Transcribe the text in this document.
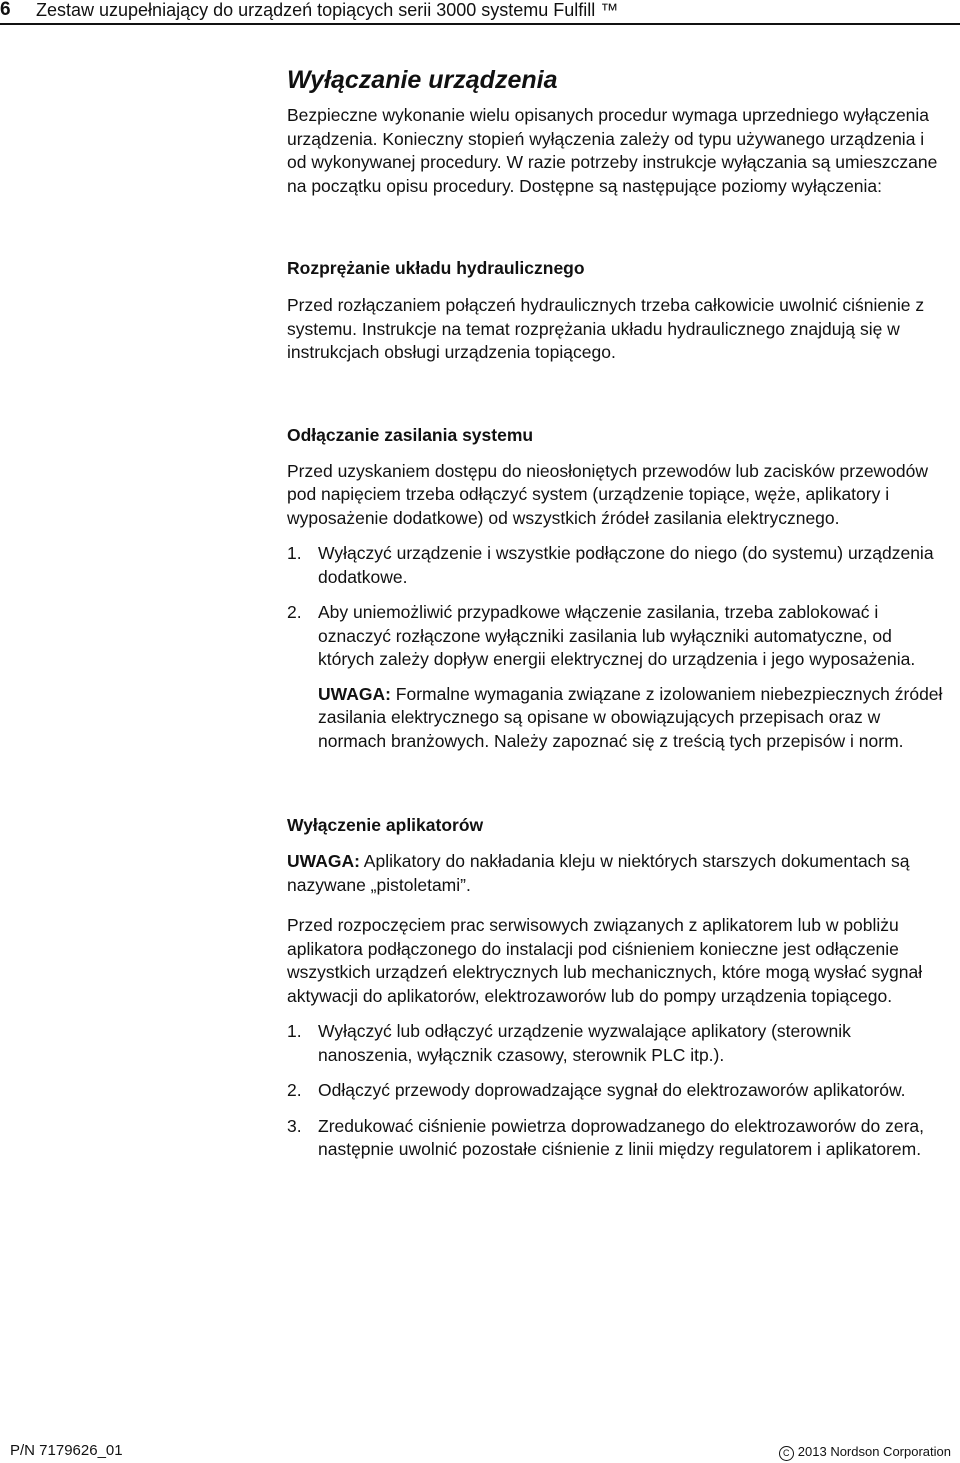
6 Zestaw uzupełniający do urządzeń topiących serii 3000 systemu Fulfill ™
Wyłączanie urządzenia

Bezpieczne wykonanie wielu opisanych procedur wymaga uprzedniego wyłączenia urządzenia. Konieczny stopień wyłączenia zależy od typu używanego urządzenia i od wykonywanej procedury. W razie potrzeby instrukcje wyłączania są umieszczane na początku opisu procedury. Dostępne są następujące poziomy wyłączenia:

Rozprężanie układu hydraulicznego

Przed rozłączaniem połączeń hydraulicznych trzeba całkowicie uwolnić ciśnienie z systemu. Instrukcje na temat rozprężania układu hydraulicznego znajdują się w instrukcjach obsługi urządzenia topiącego.

Odłączanie zasilania systemu

Przed uzyskaniem dostępu do nieosłoniętych przewodów lub zacisków przewodów pod napięciem trzeba odłączyć system (urządzenie topiące, węże, aplikatory i wyposażenie dodatkowe) od wszystkich źródeł zasilania elektrycznego.

1. Wyłączyć urządzenie i wszystkie podłączone do niego (do systemu) urządzenia dodatkowe.

2. Aby uniemożliwić przypadkowe włączenie zasilania, trzeba zablokować i oznaczyć rozłączone wyłączniki zasilania lub wyłączniki automatyczne, od których zależy dopływ energii elektrycznej do urządzenia i jego wyposażenia.

UWAGA: Formalne wymagania związane z izolowaniem niebezpiecznych źródeł zasilania elektrycznego są opisane w obowiązujących przepisach oraz w normach branżowych. Należy zapoznać się z treścią tych przepisów i norm.

Wyłączenie aplikatorów

UWAGA: Aplikatory do nakładania kleju w niektórych starszych dokumentach są nazywane „pistoletami”.

Przed rozpoczęciem prac serwisowych związanych z aplikatorem lub w pobliżu aplikatora podłączonego do instalacji pod ciśnieniem konieczne jest odłączenie wszystkich urządzeń elektrycznych lub mechanicznych, które mogą wysłać sygnał aktywacji do aplikatorów, elektrozaworów lub do pompy urządzenia topiącego.

1. Wyłączyć lub odłączyć urządzenie wyzwalające aplikatory (sterownik nanoszenia, wyłącznik czasowy, sterownik PLC itp.).

2. Odłączyć przewody doprowadzające sygnał do elektrozaworów aplikatorów.

3. Zredukować ciśnienie powietrza doprowadzanego do elektrozaworów do zera, następnie uwolnić pozostałe ciśnienie z linii między regulatorem i aplikatorem.

P/N 7179626_01	C 2013 Nordson Corporation
